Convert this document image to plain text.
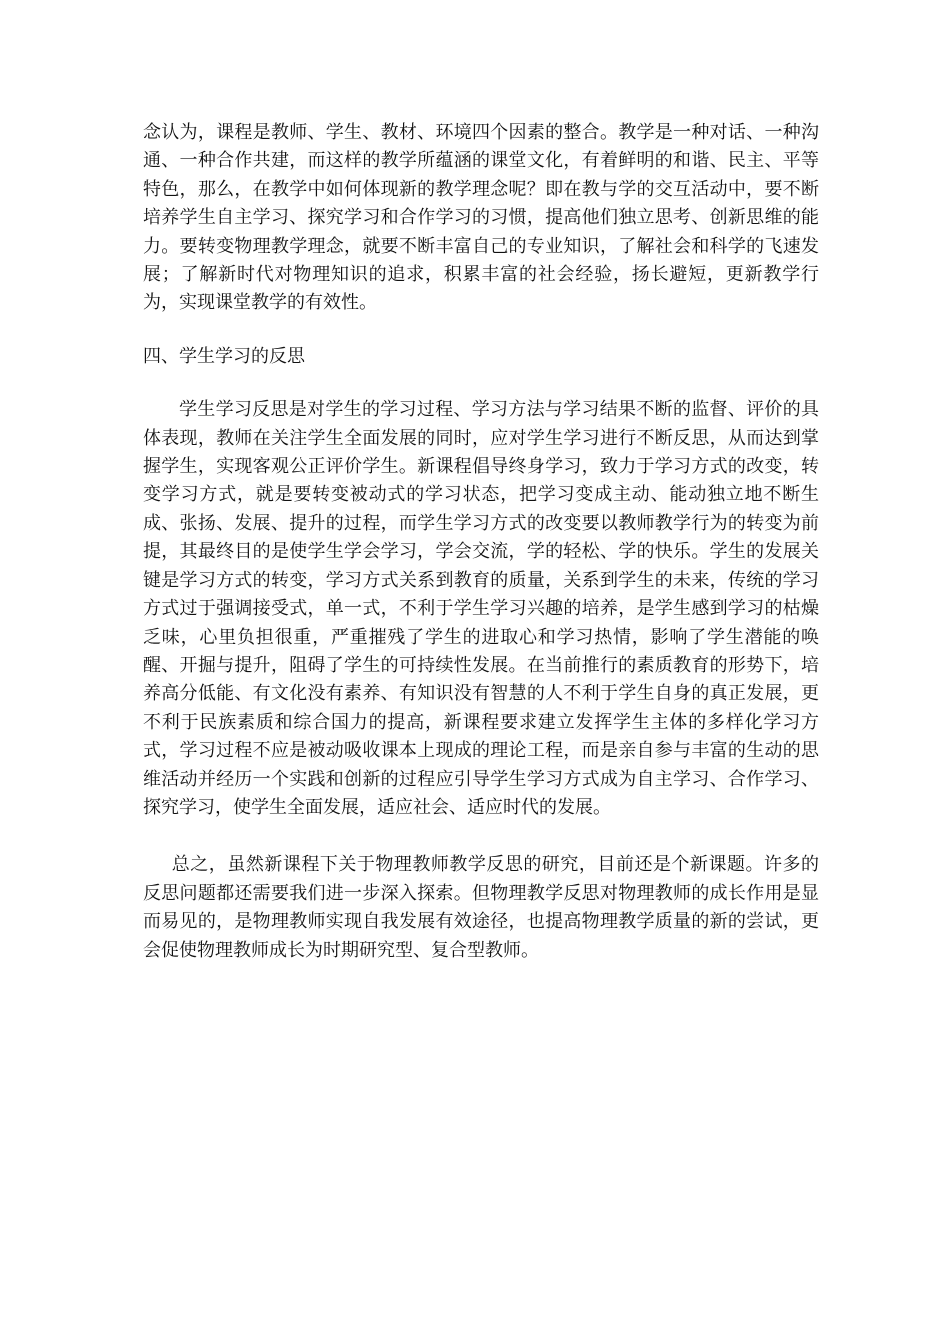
念认为，课程是教师、学生、教材、环境四个因素的整合。教学是一种对话、一种沟通、一种合作共建，而这样的教学所蕴涵的课堂文化，有着鲜明的和谐、民主、平等特色，那么，在教学中如何体现新的教学理念呢？即在教与学的交互活动中，要不断培养学生自主学习、探究学习和合作学习的习惯，提高他们独立思考、创新思维的能力。要转变物理教学理念，就要不断丰富自己的专业知识，了解社会和科学的飞速发展；了解新时代对物理知识的追求，积累丰富的社会经验，扬长避短，更新教学行为，实现课堂教学的有效性。

四、学生学习的反思

学生学习反思是对学生的学习过程、学习方法与学习结果不断的监督、评价的具体表现，教师在关注学生全面发展的同时，应对学生学习进行不断反思，从而达到掌握学生，实现客观公正评价学生。新课程倡导终身学习，致力于学习方式的改变，转变学习方式，就是要转变被动式的学习状态，把学习变成主动、能动独立地不断生成、张扬、发展、提升的过程，而学生学习方式的改变要以教师教学行为的转变为前提，其最终目的是使学生学会学习，学会交流，学的轻松、学的快乐。学生的发展关键是学习方式的转变，学习方式关系到教育的质量，关系到学生的未来，传统的学习方式过于强调接受式，单一式，不利于学生学习兴趣的培养，是学生感到学习的枯燥乏味，心里负担很重，严重摧残了学生的进取心和学习热情，影响了学生潜能的唤醒、开掘与提升，阻碍了学生的可持续性发展。在当前推行的素质教育的形势下，培养高分低能、有文化没有素养、有知识没有智慧的人不利于学生自身的真正发展，更不利于民族素质和综合国力的提高，新课程要求建立发挥学生主体的多样化学习方式，学习过程不应是被动吸收课本上现成的理论工程，而是亲自参与丰富的生动的思维活动并经历一个实践和创新的过程应引导学生学习方式成为自主学习、合作学习、探究学习，使学生全面发展，适应社会、适应时代的发展。

总之，虽然新课程下关于物理教师教学反思的研究，目前还是个新课题。许多的反思问题都还需要我们进一步深入探索。但物理教学反思对物理教师的成长作用是显而易见的，是物理教师实现自我发展有效途径，也提高物理教学质量的新的尝试，更会促使物理教师成长为时期研究型、复合型教师。
